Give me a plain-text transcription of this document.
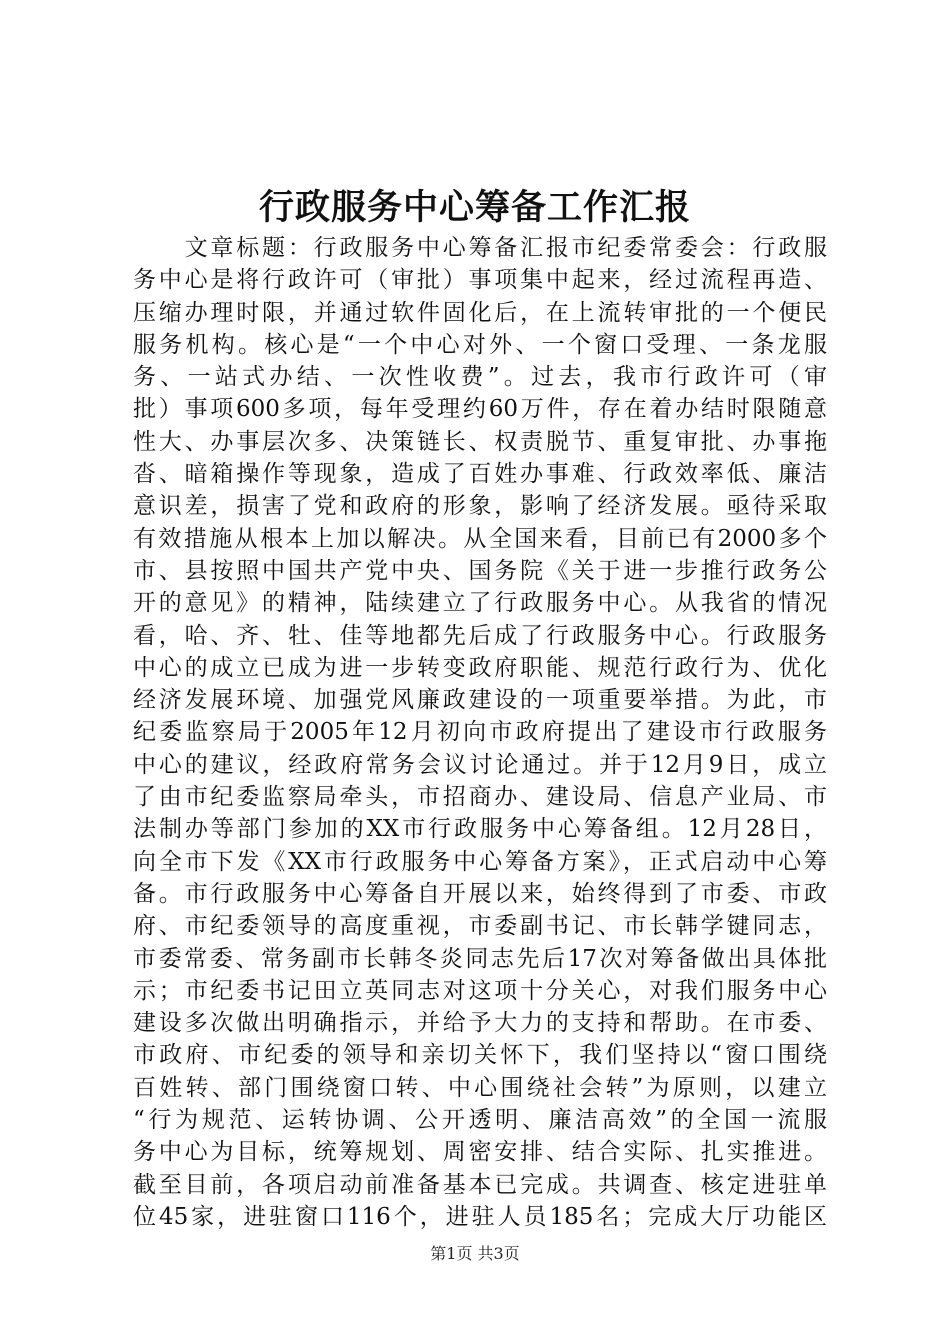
行政服务中心筹备工作汇报
　　文章标题：行政服务中心筹备汇报市纪委常委会：行政服
务中心是将行政许可（审批）事项集中起来，经过流程再造、
压缩办理时限，并通过软件固化后，在上流转审批的一个便民
服务机构。核心是“一个中心对外、一个窗口受理、一条龙服
务、一站式办结、一次性收费”。过去，我市行政许可（审
批）事项600多项，每年受理约60万件，存在着办结时限随意
性大、办事层次多、决策链长、权责脱节、重复审批、办事拖
沓、暗箱操作等现象，造成了百姓办事难、行政效率低、廉洁
意识差，损害了党和政府的形象，影响了经济发展。亟待采取
有效措施从根本上加以解决。从全国来看，目前已有2000多个
市、县按照中国共产党中央、国务院《关于进一步推行政务公
开的意见》的精神，陆续建立了行政服务中心。从我省的情况
看，哈、齐、牡、佳等地都先后成了行政服务中心。行政服务
中心的成立已成为进一步转变政府职能、规范行政行为、优化
经济发展环境、加强党风廉政建设的一项重要举措。为此，市
纪委监察局于2005年12月初向市政府提出了建设市行政服务
中心的建议，经政府常务会议讨论通过。并于12月9日，成立
了由市纪委监察局牵头，市招商办、建设局、信息产业局、市
法制办等部门参加的XX市行政服务中心筹备组。12月28日，
向全市下发《XX市行政服务中心筹备方案》，正式启动中心筹
备。市行政服务中心筹备自开展以来，始终得到了市委、市政
府、市纪委领导的高度重视，市委副书记、市长韩学键同志，
市委常委、常务副市长韩冬炎同志先后17次对筹备做出具体批
示；市纪委书记田立英同志对这项十分关心，对我们服务中心
建设多次做出明确指示，并给予大力的支持和帮助。在市委、
市政府、市纪委的领导和亲切关怀下，我们坚持以“窗口围绕
百姓转、部门围绕窗口转、中心围绕社会转”为原则，以建立
“行为规范、运转协调、公开透明、廉洁高效”的全国一流服
务中心为目标，统筹规划、周密安排、结合实际、扎实推进。
截至目前，各项启动前准备基本已完成。共调查、核定进驻单
位45家，进驻窗口116个，进驻人员185名；完成大厅功能区
第1页 共3页
